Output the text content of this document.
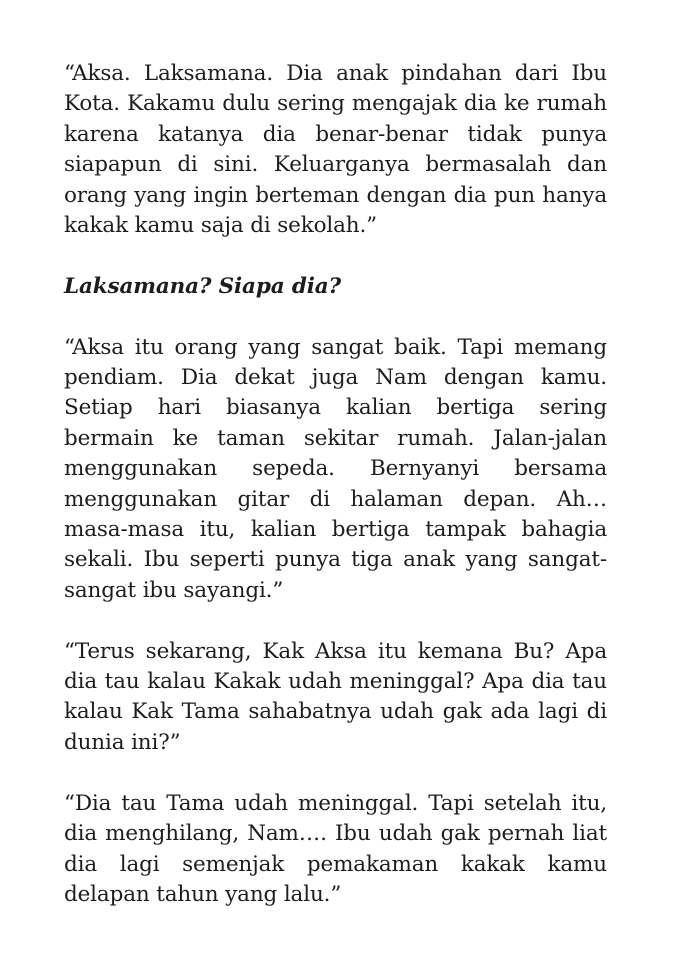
“Aksa. Laksamana. Dia anak pindahan dari Ibu Kota. Kakamu dulu sering mengajak dia ke rumah karena katanya dia benar-benar tidak punya siapapun di sini. Keluarganya bermasalah dan orang yang ingin berteman dengan dia pun hanya kakak kamu saja di sekolah.”

Laksamana? Siapa dia?

“Aksa itu orang yang sangat baik. Tapi memang pendiam. Dia dekat juga Nam dengan kamu. Setiap hari biasanya kalian bertiga sering bermain ke taman sekitar rumah. Jalan-jalan menggunakan sepeda. Bernyanyi bersama menggunakan gitar di halaman depan. Ah… masa-masa itu, kalian bertiga tampak bahagia sekali. Ibu seperti punya tiga anak yang sangat-sangat ibu sayangi.”

“Terus sekarang, Kak Aksa itu kemana Bu? Apa dia tau kalau Kakak udah meninggal? Apa dia tau kalau Kak Tama sahabatnya udah gak ada lagi di dunia ini?”

“Dia tau Tama udah meninggal. Tapi setelah itu, dia menghilang, Nam…. Ibu udah gak pernah liat dia lagi semenjak pemakaman kakak kamu delapan tahun yang lalu.”
